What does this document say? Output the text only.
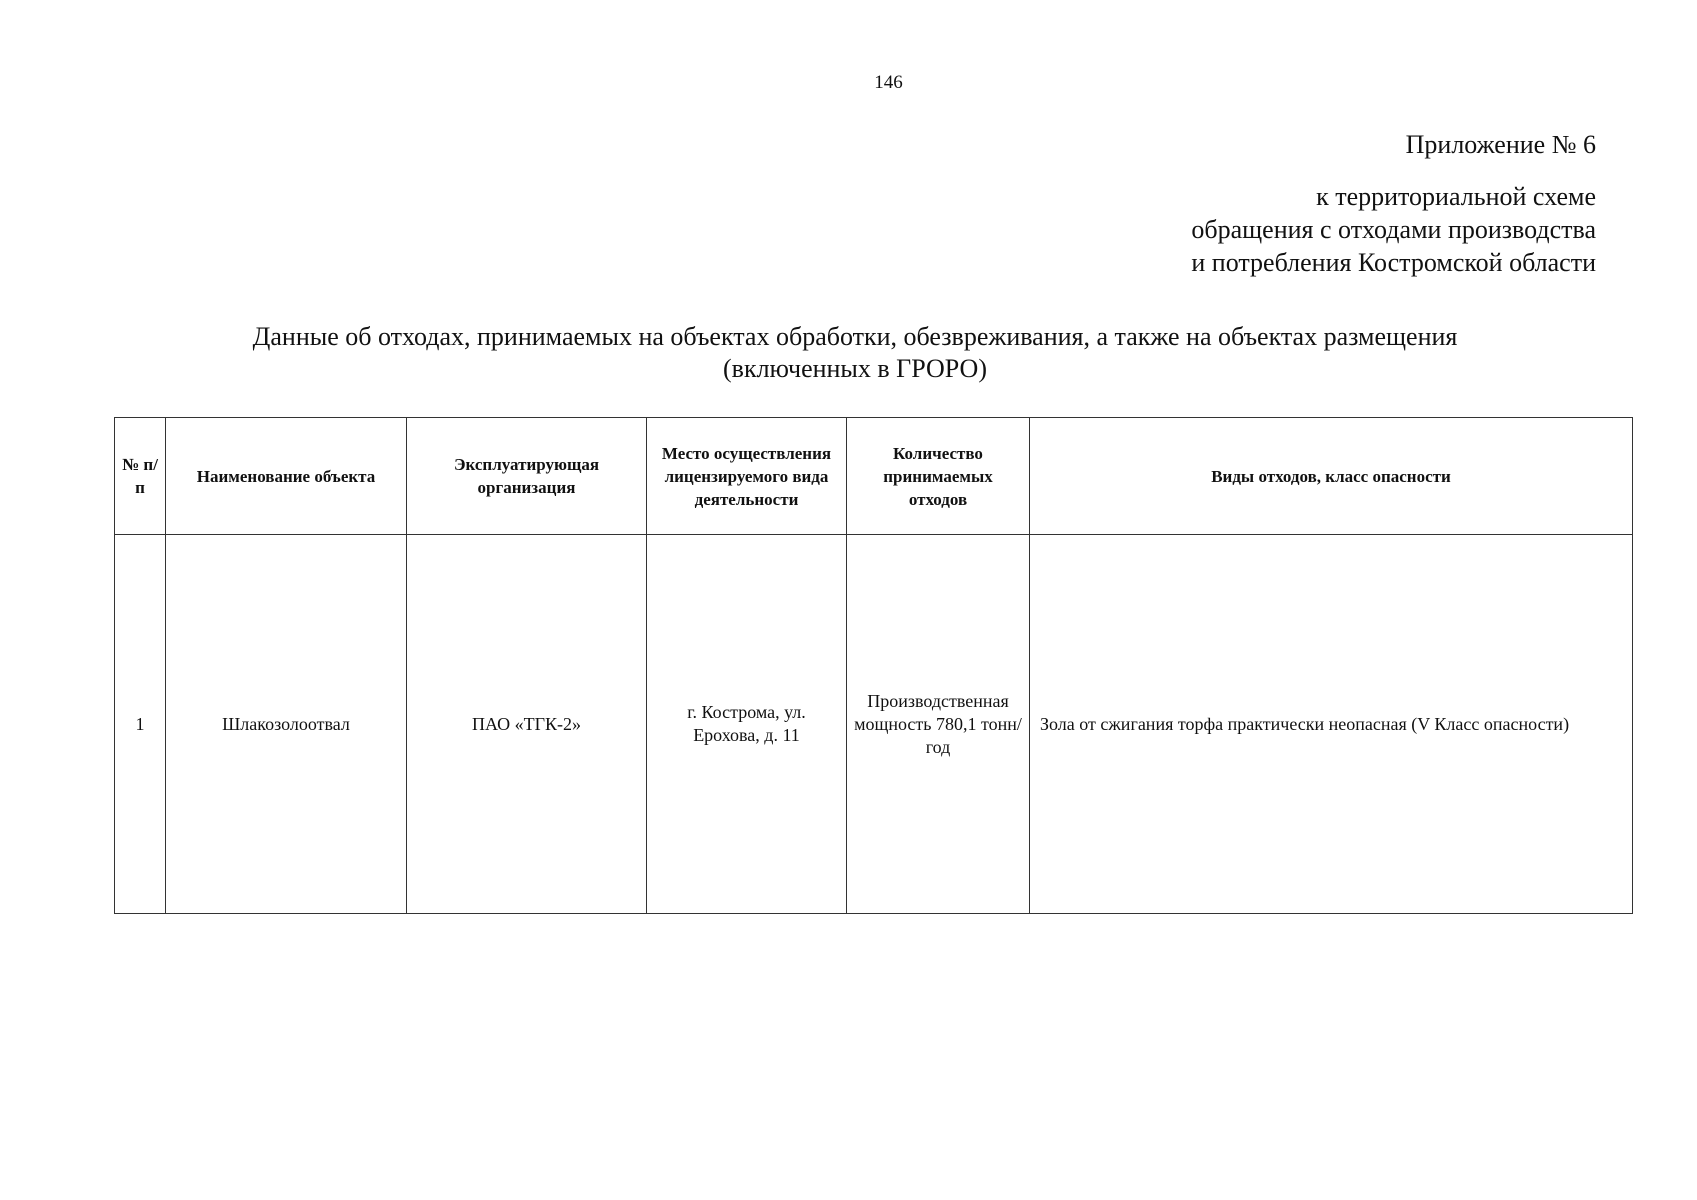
146
Приложение № 6
к территориальной схеме
обращения с отходами производства
и потребления Костромской области
Данные об отходах, принимаемых на объектах обработки, обезвреживания, а также на объектах размещения
(включенных в ГРОРО)
№ п/п	Наименование объекта	Эксплуатирующая организация	Место осуществления лицензируемого вида деятельности	Количество принимаемых отходов	Виды отходов, класс опасности
1	Шлакозолоотвал	ПАО «ТГК-2»	г. Кострома, ул. Ерохова, д. 11	Производственная мощность 780,1 тонн/год	Зола от сжигания торфа практически неопасная (V Класс опасности)
